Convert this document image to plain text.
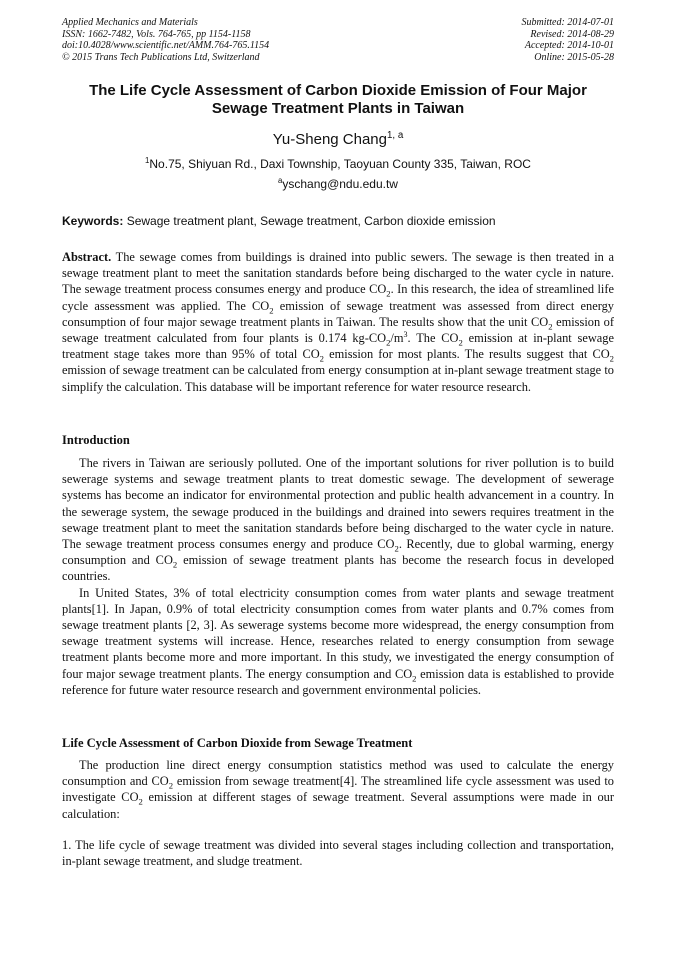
Applied Mechanics and Materials
ISSN: 1662-7482, Vols. 764-765, pp 1154-1158
doi:10.4028/www.scientific.net/AMM.764-765.1154
© 2015 Trans Tech Publications Ltd, Switzerland
Submitted: 2014-07-01
Revised: 2014-08-29
Accepted: 2014-10-01
Online: 2015-05-28
The Life Cycle Assessment of Carbon Dioxide Emission of Four Major
Sewage Treatment Plants in Taiwan
Yu-Sheng Chang$^{1, a}$
$^1$No.75, Shiyuan Rd., Daxi Township, Taoyuan County 335, Taiwan, ROC
$^a$yschang@ndu.edu.tw
Keywords: Sewage treatment plant, Sewage treatment, Carbon dioxide emission

Abstract. The sewage comes from buildings is drained into public sewers. The sewage is then treated in a sewage treatment plant to meet the sanitation standards before being discharged to the water cycle in nature. The sewage treatment process consumes energy and produce $CO_2$. In this research, the idea of streamlined life cycle assessment was applied. The $CO_2$ emission of sewage treatment was assessed from direct energy consumption of four major sewage treatment plants in Taiwan. The results show that the unit $CO_2$ emission of sewage treatment calculated from four plants is 0.174 $kg-CO_2/m^3$. The $CO_2$ emission at in-plant sewage treatment stage takes more than 95% of total $CO_2$ emission for most plants. The results suggest that $CO_2$ emission of sewage treatment can be calculated from energy consumption at in-plant sewage treatment stage to simplify the calculation. This database will be important reference for water resource research.

Introduction

The rivers in Taiwan are seriously polluted. One of the important solutions for river pollution is to build sewerage systems and sewage treatment plants to treat domestic sewage. The development of sewerage systems has become an indicator for environmental protection and public health advancement in a country. In the sewerage system, the sewage produced in the buildings and drained into sewers requires treatment in the sewage treatment plant to meet the sanitation standards before being discharged to the water cycle in nature. The sewage treatment process consumes energy and produce $CO_2$. Recently, due to global warming, energy consumption and $CO_2$ emission of sewage treatment plants has become the research focus in developed countries.

In United States, 3% of total electricity consumption comes from water plants and sewage treatment plants[1]. In Japan, 0.9% of total electricity consumption comes from water plants and 0.7% comes from sewage treatment plants [2, 3]. As sewerage systems become more widespread, the energy consumption from sewage treatment systems will increase. Hence, researches related to energy consumption from sewage treatment plants become more and more important. In this study, we investigated the energy consumption of four major sewage treatment plants. The energy consumption and $CO_2$ emission data is established to provide reference for future water resource research and government environmental policies.

Life Cycle Assessment of Carbon Dioxide from Sewage Treatment

The production line direct energy consumption statistics method was used to calculate the energy consumption and $CO_2$ emission from sewage treatment[4]. The streamlined life cycle assessment was used to investigate $CO_2$ emission at different stages of sewage treatment. Several assumptions were made in our calculation:

1. The life cycle of sewage treatment was divided into several stages including collection and transportation, in-plant sewage treatment, and sludge treatment.
